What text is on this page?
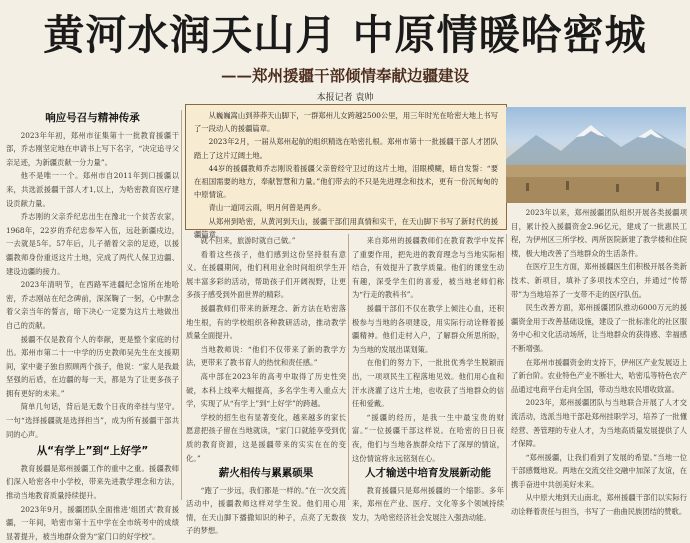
黄河水润天山月 中原情暖哈密城
——郑州援疆干部倾情奉献边疆建设
本报记者 袁帅
响应号召与精神传承

2023年年初，郑州市征集第十一批教育援疆干部，乔志刚坚定地在申请书上写下名字，“决定追寻父亲足迹，为新疆贡献一分力量”。

他不是唯一一个。郑州市自2011年到口援疆以来，共选派援疆干部人才1,以上，为哈密教育医疗建设贡献力量。

乔志刚的父亲乔纪忠出生在豫北一个贫苦农家，1968年，22岁的乔纪忠参军入伍，远赴新疆戍边，一去就是5年。57年后，儿子循着父亲的足迹，以援疆教师身份重返这片土地，完成了两代人保卫边疆、建设边疆的接力。

2023年清明节，在西路军进疆纪念馆所在地哈密，乔志刚站在纪念碑前，深深鞠了一躬，心中默念着父亲当年的誓言，暗下决心一定要为这片土地做出自己的贡献。

援疆不仅是教育个人的奉献，更是整个家庭的付出。郑州市第二十一中学的历史教师吴先生在支援期间，家中妻子独自照顾两个孩子，他说：“家人是我最坚强的后盾，在边疆的每一天，都是为了让更多孩子拥有更好的未来。”

简单几句话，背后是无数个日夜的牵挂与坚守。一句“选择援疆就是选择担当”，成为所有援疆干部共同的心声。

从“有学上”到“上好学”

教育援疆是郑州援疆工作的重中之重。援疆教师们深入哈密各中小学校，带来先进教学理念和方法，推动当地教育质量持续提升。

2023年9月，援疆团队全面推进‘组团式’教育援疆，一年间，哈密市第十五中学在全市统考中的成绩显著提升，被当地群众誉为“家门口的好学校”。

从巍巍嵩山到莽莽天山脚下，一群郑州儿女跨越2500公里，用三年时光在哈密大地上书写了一段动人的援疆篇章。

2023年2月，一届从郑州起航的组织精选在哈密扎根。郑州市第十一批援疆干部人才团队踏上了这片辽阔土地。

44岁的援疆教师乔志刚说着援疆父亲曾经守卫过的这片土地，泪眼模糊，暗自发誓：“要在祖国需要的地方，奉献智慧和力量。”他们带去的不只是先进理念和技术，更有一份沉甸甸的中原情谊。

青山一道同云雨，明月何曾是两乡。

从郑州到哈密，从黄河到天山，援疆干部们用真情和实干，在天山脚下书写了新时代的援疆篇章。

就不回来，旅游时就自己做。”

看着这些孩子，他们感到这份坚持很有意义。在援疆期间，他们利用业余时间组织学生开展丰富多彩的活动，帮助孩子们开阔视野，让更多孩子感受到外面世界的精彩。

援疆教师们带来的新理念、新方法在哈密落地生根，有的学校组织各种教研活动，推动教学质量全面提升。

当地教师说：“他们不仅带来了新的教学方法，更带来了教书育人的热忱和责任感。”

高中部在2023年的高考中取得了历史性突破，本科上线率大幅提高，多名学生考入重点大学，实现了从“有学上”到“上好学”的跨越。

学校的招生也有显著变化，越来越多的家长愿意把孩子留在当地就读，“家门口就能享受到优质的教育资源，这是援疆带来的实实在在的变化。”

薪火相传与累累硕果

“跑了一步远，我们都是一样的。”在一次交流活动中，援疆教师这样对学生说。他们用心用情，在天山脚下播撒知识的种子，点亮了无数孩子的梦想。

来自郑州的援疆教师们在教育教学中发挥了重要作用，把先进的教育理念与当地实际相结合，有效提升了教学质量。他们的课堂生动有趣，深受学生们的喜爱，被当地老师们称为“行走的教科书”。

援疆干部们不仅在教学上倾注心血，还积极参与当地的各项建设，用实际行动诠释着援疆精神。他们走村入户，了解群众所思所盼，为当地的发展出谋划策。

在他们的努力下，一批批优秀学生脱颖而出，一项项民生工程落地见效。他们用心血和汗水浇灌了这片土地，也收获了当地群众的信任和爱戴。

“援疆的经历，是我一生中最宝贵的财富。”一位援疆干部这样说。在哈密的日日夜夜，他们与当地各族群众结下了深厚的情谊，这份情谊将永远铭刻在心。

人才输送中培育发展新动能

教育援疆只是郑州援疆的一个缩影。多年来，郑州在产业、医疗、文化等多个领域持续发力，为哈密经济社会发展注入强劲动能。

2023年以来，郑州援疆团队组织开展各类援疆项目，累计投入援疆资金2.96亿元，建成了一批惠民工程，为伊州区三所学校、两所医院新建了教学楼和住院楼，极大地改善了当地群众的生活条件。

在医疗卫生方面，郑州援疆医生们积极开展各类新技术、新项目，填补了多项技术空白，并通过“传帮带”为当地培养了一支带不走的医疗队伍。

民生改善方面，郑州援疆团队推动6000万元的援疆资金用于改善基础设施，建设了一批标准化的社区服务中心和文化活动场所，让当地群众的获得感、幸福感不断增强。

在郑州市援疆资金的支持下，伊州区产业发展迈上了新台阶。农业特色产业不断壮大，哈密瓜等特色农产品通过电商平台走向全国，带动当地农民增收致富。

2023年，郑州援疆团队与当地联合开展了人才交流活动，选派当地干部赴郑州挂职学习，培养了一批懂经营、善管理的专业人才，为当地高质量发展提供了人才保障。

“郑州援疆，让我们看到了发展的希望。”当地一位干部感慨地说。两地在交流交往交融中加深了友谊，在携手奋进中共创美好未来。

从中原大地到天山南北，郑州援疆干部们以实际行动诠释着责任与担当，书写了一曲曲民族团结的赞歌。
